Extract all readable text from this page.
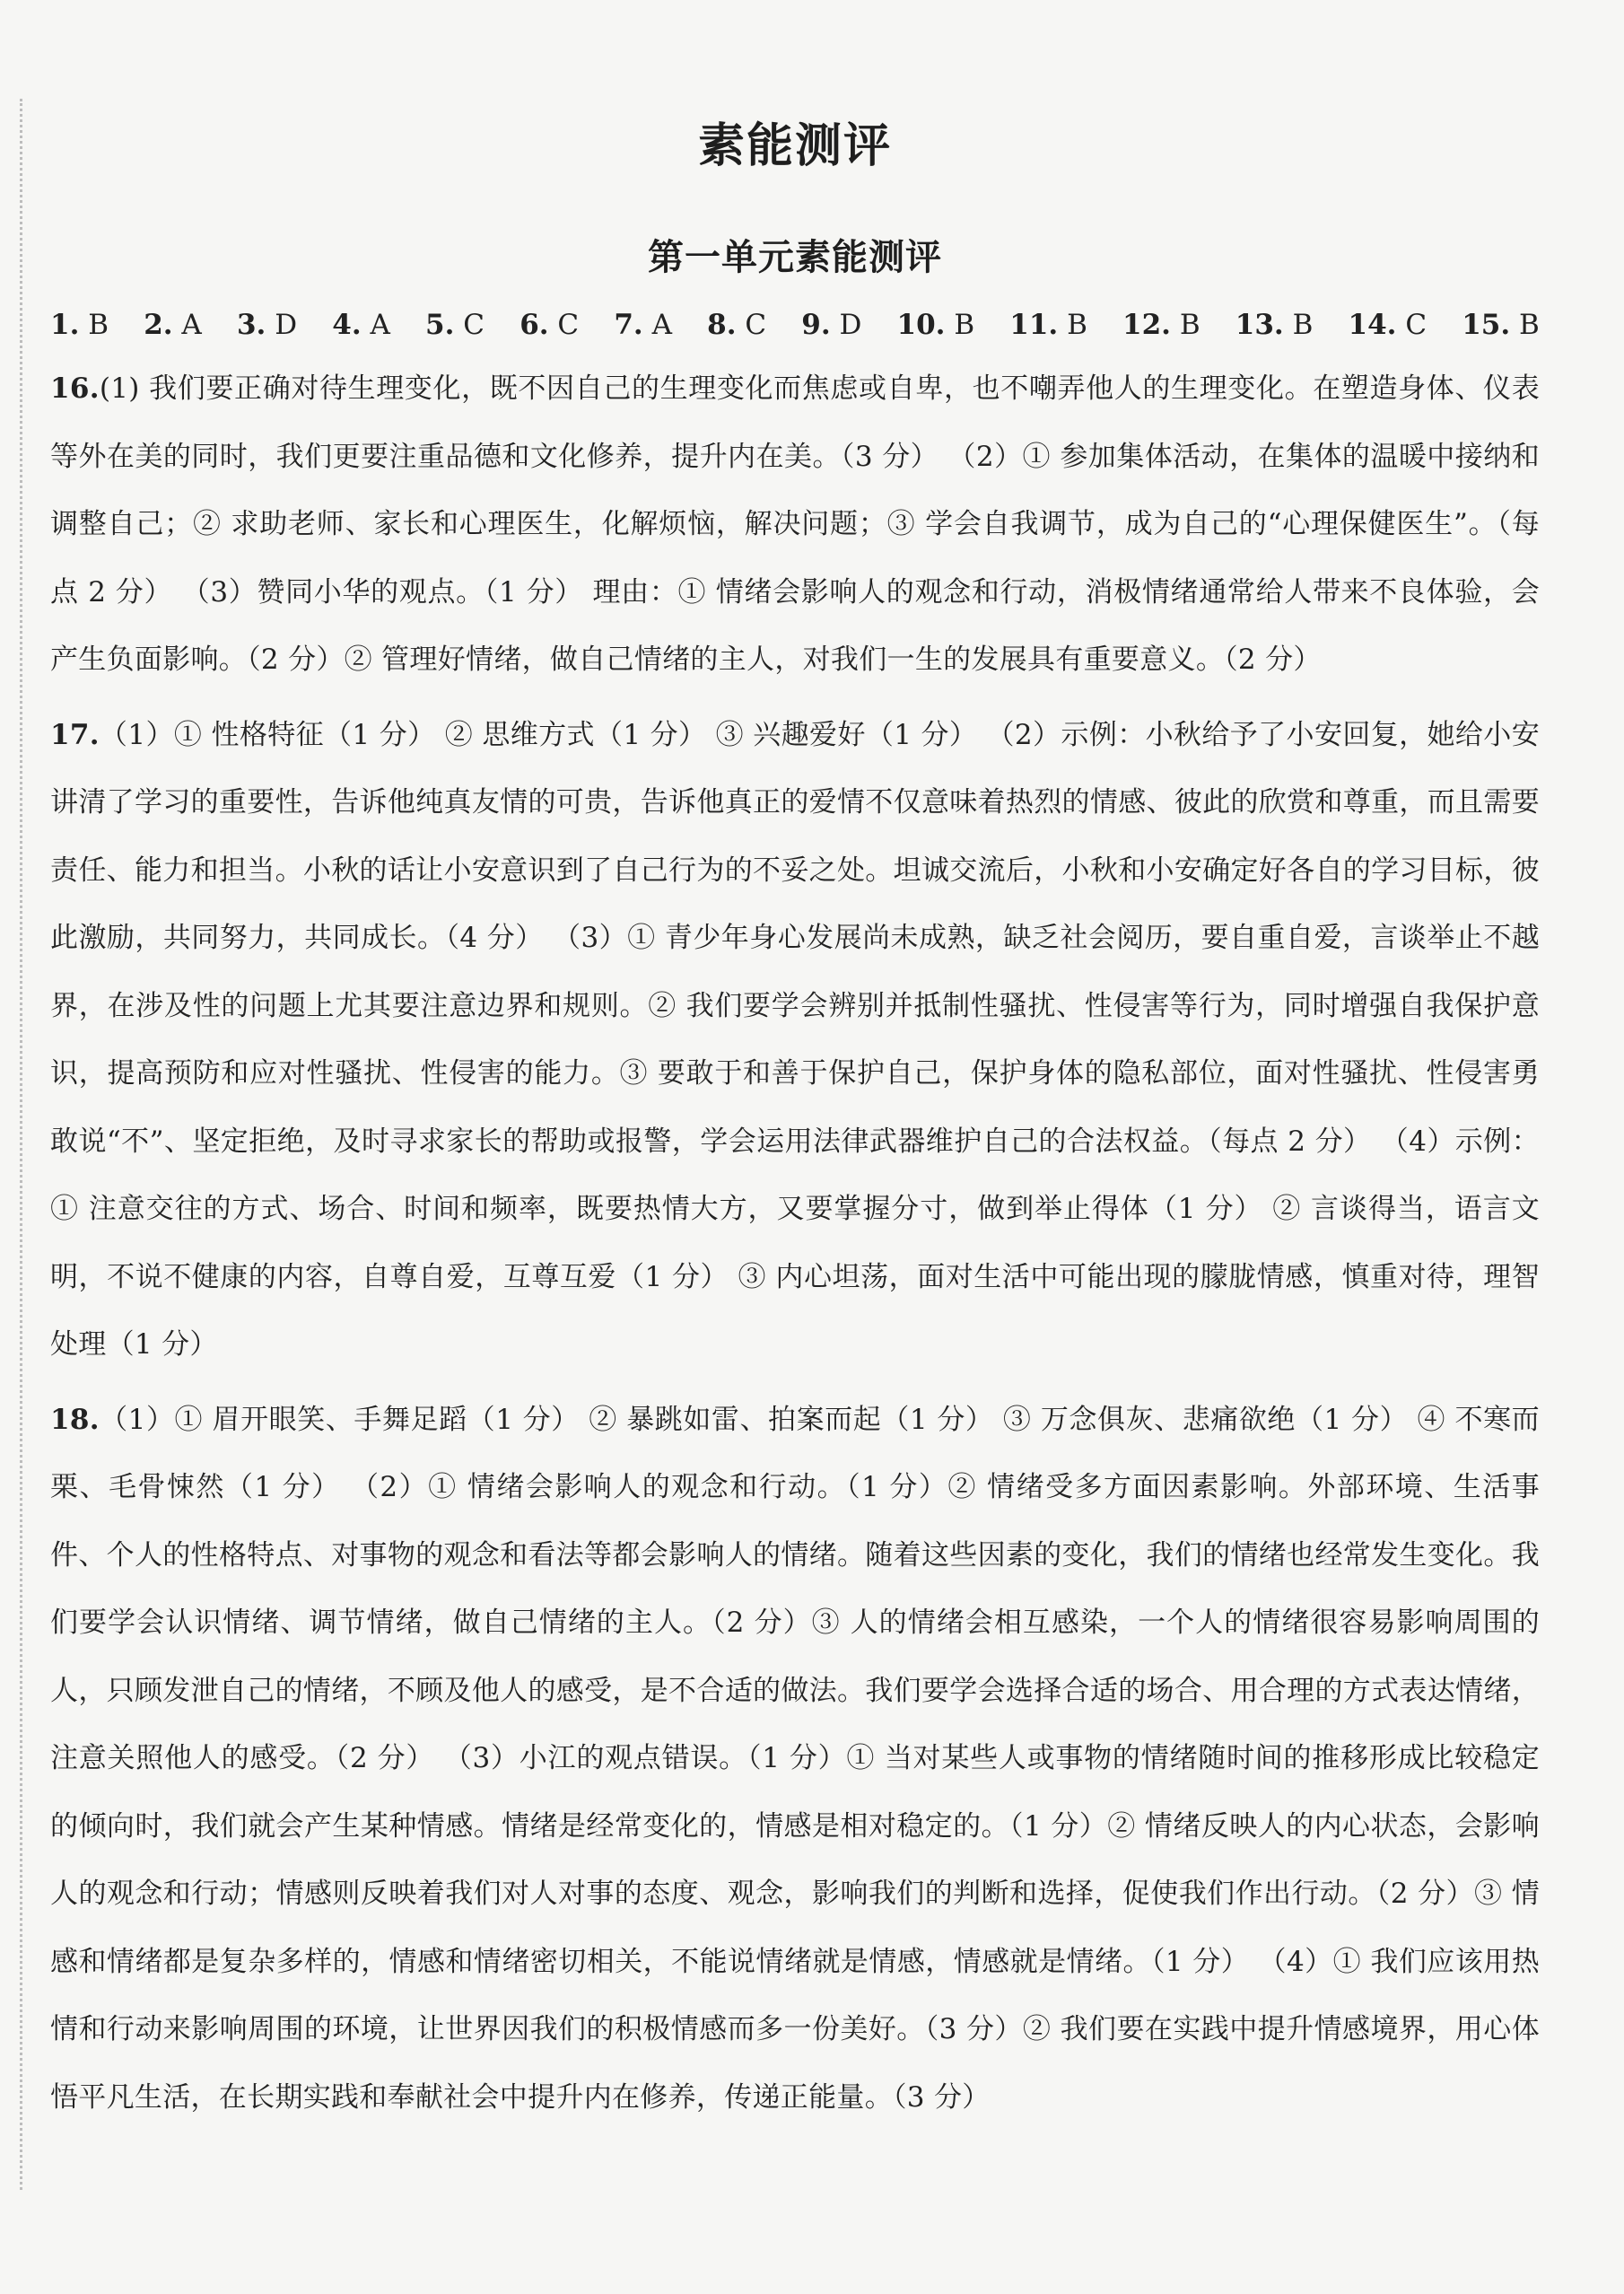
素能测评
第一单元素能测评
1. B 2. A 3. D 4. A 5. C 6. C 7. A 8. C 9. D 10. B 11. B 12. B 13. B 14. C 15. B

16.(1) 我们要正确对待生理变化，既不因自己的生理变化而焦虑或自卑，也不嘲弄他人的生理变化。在塑造身体、仪表等外在美的同时，我们更要注重品德和文化修养，提升内在美。（3 分） （2）① 参加集体活动，在集体的温暖中接纳和调整自己；② 求助老师、家长和心理医生，化解烦恼，解决问题；③ 学会自我调节，成为自己的“心理保健医生”。（每点 2 分） （3）赞同小华的观点。（1 分） 理由：① 情绪会影响人的观念和行动，消极情绪通常给人带来不良体验，会产生负面影响。（2 分）② 管理好情绪，做自己情绪的主人，对我们一生的发展具有重要意义。（2 分）

17.（1）① 性格特征（1 分） ② 思维方式（1 分） ③ 兴趣爱好（1 分） （2）示例：小秋给予了小安回复，她给小安讲清了学习的重要性，告诉他纯真友情的可贵，告诉他真正的爱情不仅意味着热烈的情感、彼此的欣赏和尊重，而且需要责任、能力和担当。小秋的话让小安意识到了自己行为的不妥之处。坦诚交流后，小秋和小安确定好各自的学习目标，彼此激励，共同努力，共同成长。（4 分） （3）① 青少年身心发展尚未成熟，缺乏社会阅历，要自重自爱，言谈举止不越界，在涉及性的问题上尤其要注意边界和规则。② 我们要学会辨别并抵制性骚扰、性侵害等行为，同时增强自我保护意识，提高预防和应对性骚扰、性侵害的能力。③ 要敢于和善于保护自己，保护身体的隐私部位，面对性骚扰、性侵害勇敢说“不”、坚定拒绝，及时寻求家长的帮助或报警，学会运用法律武器维护自己的合法权益。（每点 2 分） （4）示例：① 注意交往的方式、场合、时间和频率，既要热情大方，又要掌握分寸，做到举止得体（1 分） ② 言谈得当，语言文明，不说不健康的内容，自尊自爱，互尊互爱（1 分） ③ 内心坦荡，面对生活中可能出现的朦胧情感，慎重对待，理智处理（1 分）

18.（1）① 眉开眼笑、手舞足蹈（1 分） ② 暴跳如雷、拍案而起（1 分） ③ 万念俱灰、悲痛欲绝（1 分） ④ 不寒而栗、毛骨悚然（1 分） （2）① 情绪会影响人的观念和行动。（1 分）② 情绪受多方面因素影响。外部环境、生活事件、个人的性格特点、对事物的观念和看法等都会影响人的情绪。随着这些因素的变化，我们的情绪也经常发生变化。我们要学会认识情绪、调节情绪，做自己情绪的主人。（2 分）③ 人的情绪会相互感染，一个人的情绪很容易影响周围的人，只顾发泄自己的情绪，不顾及他人的感受，是不合适的做法。我们要学会选择合适的场合、用合理的方式表达情绪，注意关照他人的感受。（2 分） （3）小江的观点错误。（1 分）① 当对某些人或事物的情绪随时间的推移形成比较稳定的倾向时，我们就会产生某种情感。情绪是经常变化的，情感是相对稳定的。（1 分）② 情绪反映人的内心状态，会影响人的观念和行动；情感则反映着我们对人对事的态度、观念，影响我们的判断和选择，促使我们作出行动。（2 分）③ 情感和情绪都是复杂多样的，情感和情绪密切相关，不能说情绪就是情感，情感就是情绪。（1 分） （4）① 我们应该用热情和行动来影响周围的环境，让世界因我们的积极情感而多一份美好。（3 分）② 我们要在实践中提升情感境界，用心体悟平凡生活，在长期实践和奉献社会中提升内在修养，传递正能量。（3 分）
